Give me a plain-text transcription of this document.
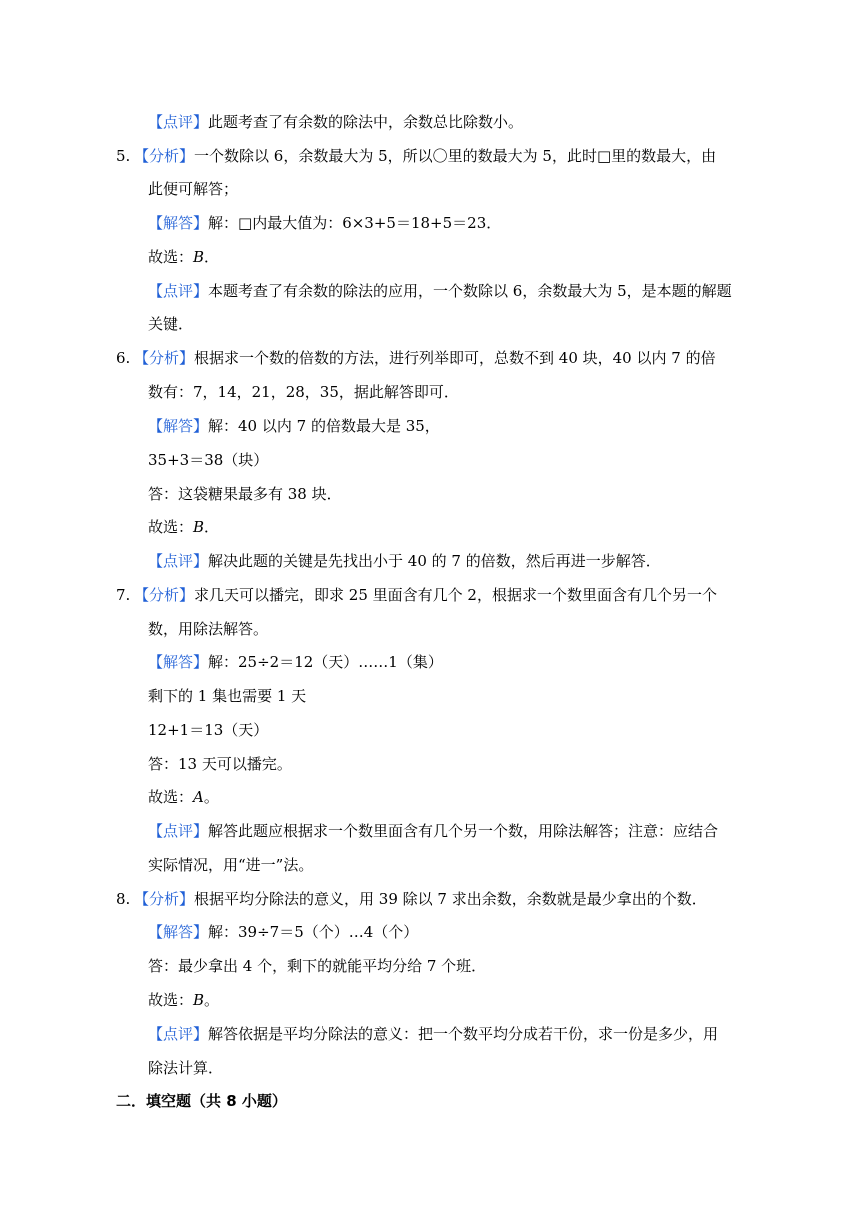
【点评】此题考查了有余数的除法中，余数总比除数小。
5. 【分析】一个数除以 6，余数最大为 5，所以〇里的数最大为 5，此时□里的数最大，由
此便可解答；
【解答】解：□内最大值为：6×3+5＝18+5＝23．
故选：B．
【点评】本题考查了有余数的除法的应用，一个数除以 6，余数最大为 5，是本题的解题
关键．
6. 【分析】根据求一个数的倍数的方法，进行列举即可，总数不到 40 块，40 以内 7 的倍
数有：7，14，21，28，35，据此解答即可．
【解答】解：40 以内 7 的倍数最大是 35，
35+3＝38（块）
答：这袋糖果最多有 38 块．
故选：B．
【点评】解决此题的关键是先找出小于 40 的 7 的倍数，然后再进一步解答．
7. 【分析】求几天可以播完，即求 25 里面含有几个 2，根据求一个数里面含有几个另一个
数，用除法解答。
【解答】解：25÷2＝12（天）……1（集）
剩下的 1 集也需要 1 天
12+1＝13（天）
答：13 天可以播完。
故选：A。
【点评】解答此题应根据求一个数里面含有几个另一个数，用除法解答；注意：应结合
实际情况，用“进一”法。
8. 【分析】根据平均分除法的意义，用 39 除以 7 求出余数，余数就是最少拿出的个数．
【解答】解：39÷7＝5（个）…4（个）
答：最少拿出 4 个，剩下的就能平均分给 7 个班．
故选：B。
【点评】解答依据是平均分除法的意义：把一个数平均分成若干份，求一份是多少，用
除法计算．
二．填空题（共 8 小题）
